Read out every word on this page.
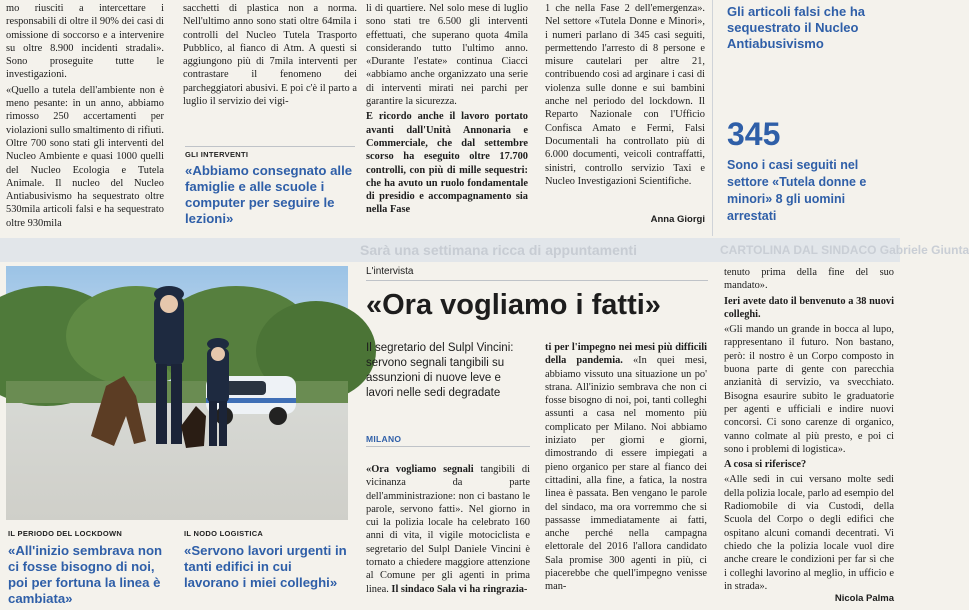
mo riusciti a intercettare i responsabili di oltre il 90% dei casi di omissione di soccorso e a intervenire su oltre 8.900 incidenti stradali». Sono proseguite tutte le investigazioni.

«Quello a tutela dell'ambiente non è meno pesante: in un anno, abbiamo rimosso 250 accertamenti per violazioni sullo smaltimento di rifiuti. Oltre 700 sono stati gli interventi del Nucleo Ambiente e quasi 1000 quelli del Nucleo Ecologia e Tutela Animale. Il nucleo del Nucleo Antiabusivismo ha sequestrato oltre 530mila articoli falsi e ha sequestrato oltre 930mila

sacchetti di plastica non a norma. Nell'ultimo anno sono stati oltre 64mila i controlli del Nucleo Tutela Trasporto Pubblico, al fianco di Atm. A questi si aggiungono più di 7mila interventi per contrastare il fenomeno dei parcheggiatori abusivi. E poi c'è il parto a luglio il servizio dei vigi-

GLI INTERVENTI
«Abbiamo consegnato alle famiglie e alle scuole i computer per seguire le lezioni»

li di quartiere. Nel solo mese di luglio sono stati tre 6.500 gli interventi effettuati, che superano quota 4mila considerando tutto l'ultimo anno. «Durante l'estate» continua Ciacci «abbiamo anche organizzato una serie di interventi mirati nei parchi per garantire la sicurezza.

E ricordo anche il lavoro portato avanti dall'Unità Annonaria e Commerciale, che dal settembre scorso ha eseguito oltre 17.700 controlli, con più di mille sequestri: che ha avuto un ruolo fondamentale di presidio e accompagnamento sia nella Fase

1 che nella Fase 2 dell'emergenza». Nel settore «Tutela Donne e Minori», i numeri parlano di 345 casi seguiti, permettendo l'arresto di 8 persone e misure cautelari per altre 21, contribuendo così ad arginare i casi di violenza sulle donne e sui bambini anche nel periodo del lockdown. Il Reparto Nazionale con l'Ufficio Confisca Amato e Fermi, Falsi Documentali ha controllato più di 6.000 documenti, veicoli contraffatti, sinistri, controllo servizio Taxi e Nucleo Investigazioni Scientifiche.

Anna Giorgi
Gli articoli falsi che ha sequestrato il Nucleo Antiabusivismo
345
Sono i casi seguiti nel settore «Tutela donne e minori» 8 gli uomini arrestati
Sarà una settimana ricca di appuntamenti	CARTOLINA DAL SINDACO Gabriele Giunta
IL PERIODO DEL LOCKDOWN
«All'inizio sembrava non ci fosse bisogno di noi, poi per fortuna la linea è cambiata»
IL NODO LOGISTICA
«Servono lavori urgenti in tanti edifici in cui lavorano i miei colleghi»
L'intervista
«Ora vogliamo i fatti»
Il segretario del Sulpl Vincini: servono segnali tangibili su assunzioni di nuove leve e lavori nelle sedi degradate
MILANO
«Ora vogliamo segnali tangibili di vicinanza da parte dell'amministrazione: non ci bastano le parole, servono fatti». Nel giorno in cui la polizia locale ha celebrato 160 anni di vita, il vigile motociclista e segretario del Sulpl Daniele Vincini è tornato a chiedere maggiore attenzione al Comune per gli agenti in prima linea. Il sindaco Sala vi ha ringrazia-
ti per l'impegno nei mesi più difficili della pandemia. «In quei mesi, abbiamo vissuto una situazione un po' strana. All'inizio sembrava che non ci fosse bisogno di noi, poi, tanti colleghi assunti a casa nel momento più complicato per Milano. Noi abbiamo iniziato per giorni e giorni, dimostrando di essere impiegati a pieno organico per stare al fianco dei cittadini, alla fine, a fatica, la nostra linea è passata. Ben vengano le parole del sindaco, ma ora vorremmo che si passasse immediatamente ai fatti, anche perché nella campagna elettorale del 2016 l'allora candidato Sala promise 300 agenti in più, ci piacerebbe che quell'impegno venisse man-

tenuto prima della fine del suo mandato».

Ieri avete dato il benvenuto a 38 nuovi colleghi.

«Gli mando un grande in bocca al lupo, rappresentano il futuro. Non bastano, però: il nostro è un Corpo composto in buona parte di gente con parecchia anzianità di servizio, va svecchiato. Bisogna esaurire subito le graduatorie per agenti e ufficiali e indire nuovi concorsi. Ci sono carenze di organico, vanno colmate al più presto, e poi ci sono i problemi di logistica».

A cosa si riferisce?

«Alle sedi in cui versano molte sedi della polizia locale, parlo ad esempio del Radiomobile di via Custodi, della Scuola del Corpo o degli edifici che ospitano alcuni comandi decentrati. Vi chiedo che la polizia locale vuol dire anche creare le condizioni per far sì che i colleghi lavorino al meglio, in ufficio e in strada».

Nicola Palma
